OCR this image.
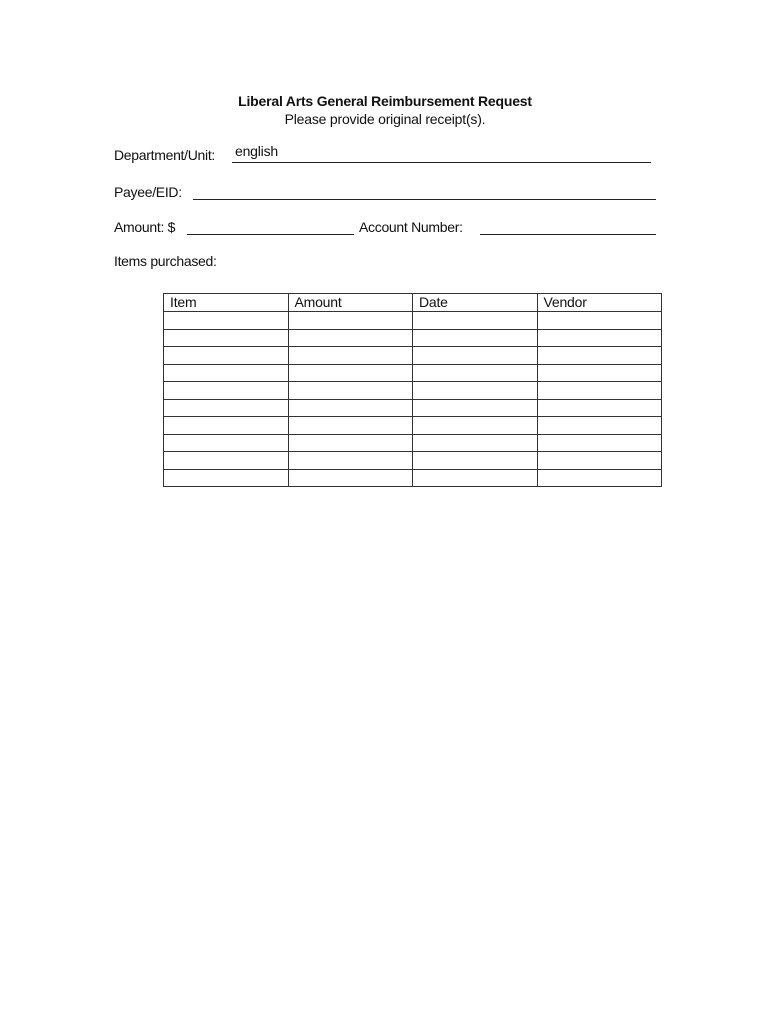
Liberal Arts General Reimbursement Request
Please provide original receipt(s).
Department/Unit: english
Payee/EID:
Amount: $	Account Number:
Items purchased:
Item	Amount	Date	Vendor
